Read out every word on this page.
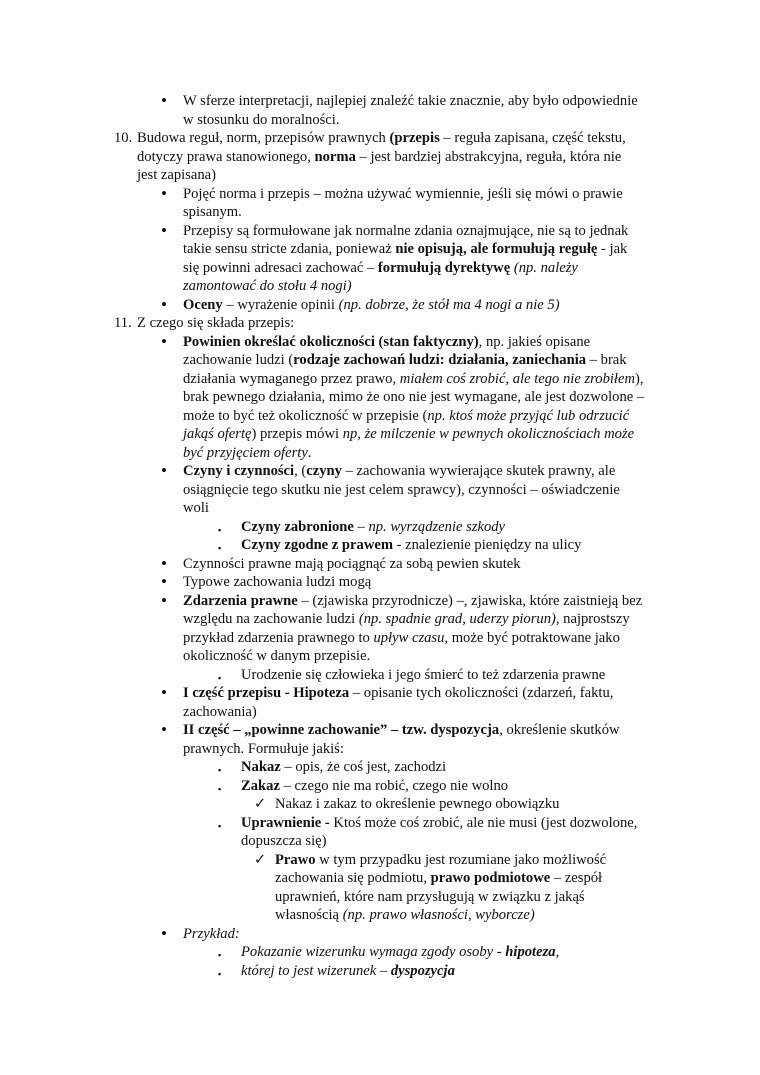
• W sferze interpretacji, najlepiej znaleźć takie znacznie, aby było odpowiednie
w stosunku do moralności.
10. Budowa reguł, norm, przepisów prawnych (przepis – reguła zapisana, część tekstu,
dotyczy prawa stanowionego, norma – jest bardziej abstrakcyjna, reguła, która nie
jest zapisana)
• Pojęć norma i przepis – można używać wymiennie, jeśli się mówi o prawie
spisanym.
• Przepisy są formułowane jak normalne zdania oznajmujące, nie są to jednak
takie sensu stricte zdania, ponieważ nie opisują, ale formułują regułę - jak
się powinni adresaci zachować – formułują dyrektywę (np. należy
zamontować do stołu 4 nogi)
• Oceny – wyrażenie opinii (np. dobrze, że stół ma 4 nogi a nie 5)
11. Z czego się składa przepis:
• Powinien określać okoliczności (stan faktyczny), np. jakieś opisane
zachowanie ludzi (rodzaje zachowań ludzi: działania, zaniechania – brak
działania wymaganego przez prawo, miałem coś zrobić, ale tego nie zrobiłem),
brak pewnego działania, mimo że ono nie jest wymagane, ale jest dozwolone –
może to być też okoliczność w przepisie (np. ktoś może przyjąć lub odrzucić
jakąś ofertę) przepis mówi np, że milczenie w pewnych okolicznościach może
być przyjęciem oferty.
• Czyny i czynności, (czyny – zachowania wywierające skutek prawny, ale
osiągnięcie tego skutku nie jest celem sprawcy), czynności – oświadczenie
woli
▪ Czyny zabronione – np. wyrządzenie szkody
▪ Czyny zgodne z prawem - znalezienie pieniędzy na ulicy
• Czynności prawne mają pociągnąć za sobą pewien skutek
• Typowe zachowania ludzi mogą
• Zdarzenia prawne – (zjawiska przyrodnicze) –, zjawiska, które zaistnieją bez
względu na zachowanie ludzi (np. spadnie grad, uderzy piorun), najprostszy
przykład zdarzenia prawnego to upływ czasu, może być potraktowane jako
okoliczność w danym przepisie.
▪ Urodzenie się człowieka i jego śmierć to też zdarzenia prawne
• I część przepisu - Hipoteza – opisanie tych okoliczności (zdarzeń, faktu,
zachowania)
• II część – „powinne zachowanie” – tzw. dyspozycja, określenie skutków
prawnych. Formułuje jakiś:
▪ Nakaz – opis, że coś jest, zachodzi
▪ Zakaz – czego nie ma robić, czego nie wolno
✓ Nakaz i zakaz to określenie pewnego obowiązku
▪ Uprawnienie - Ktoś może coś zrobić, ale nie musi (jest dozwolone,
dopuszcza się)
✓ Prawo w tym przypadku jest rozumiane jako możliwość
zachowania się podmiotu, prawo podmiotowe – zespół
uprawnień, które nam przysługują w związku z jakąś
własnością (np. prawo własności, wyborcze)
• Przykład:
▪ Pokazanie wizerunku wymaga zgody osoby - hipoteza,
▪ której to jest wizerunek – dyspozycja
